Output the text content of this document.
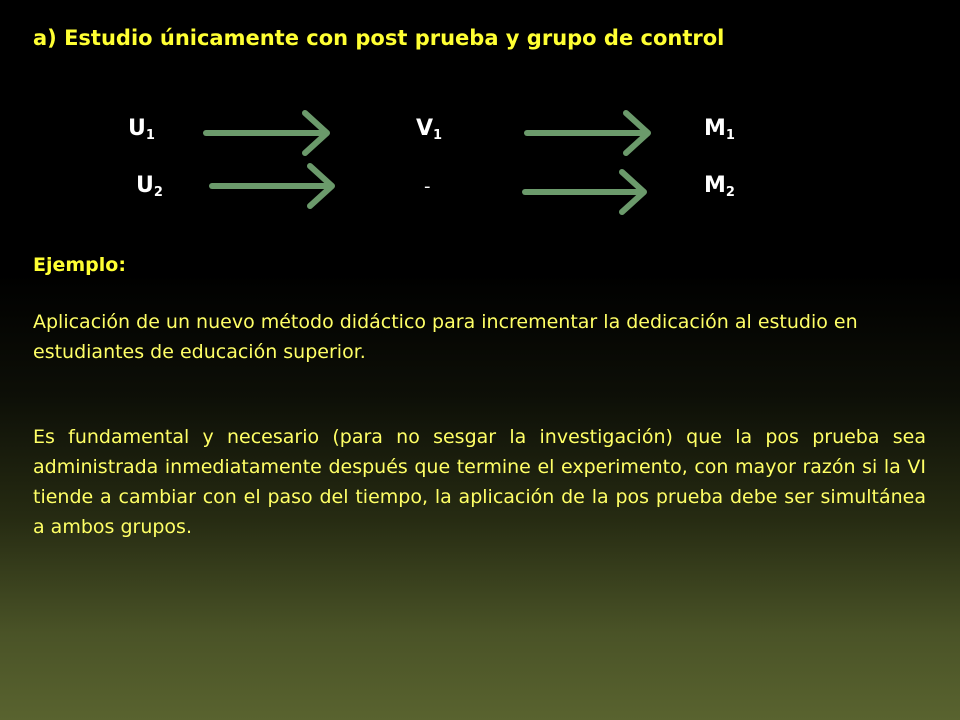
a) Estudio únicamente con post prueba y grupo de control
$U_1$	$V_1$	$M_1$
$U_2$	-	$M_2$
Ejemplo:
Aplicación de un nuevo método didáctico para incrementar la dedicación al estudio en estudiantes de educación superior.
Es fundamental y necesario (para no sesgar la investigación) que la pos prueba sea administrada inmediatamente después que termine el experimento, con mayor razón si la VI tiende a cambiar con el paso del tiempo, la aplicación de la pos prueba debe ser simultánea a ambos grupos.
